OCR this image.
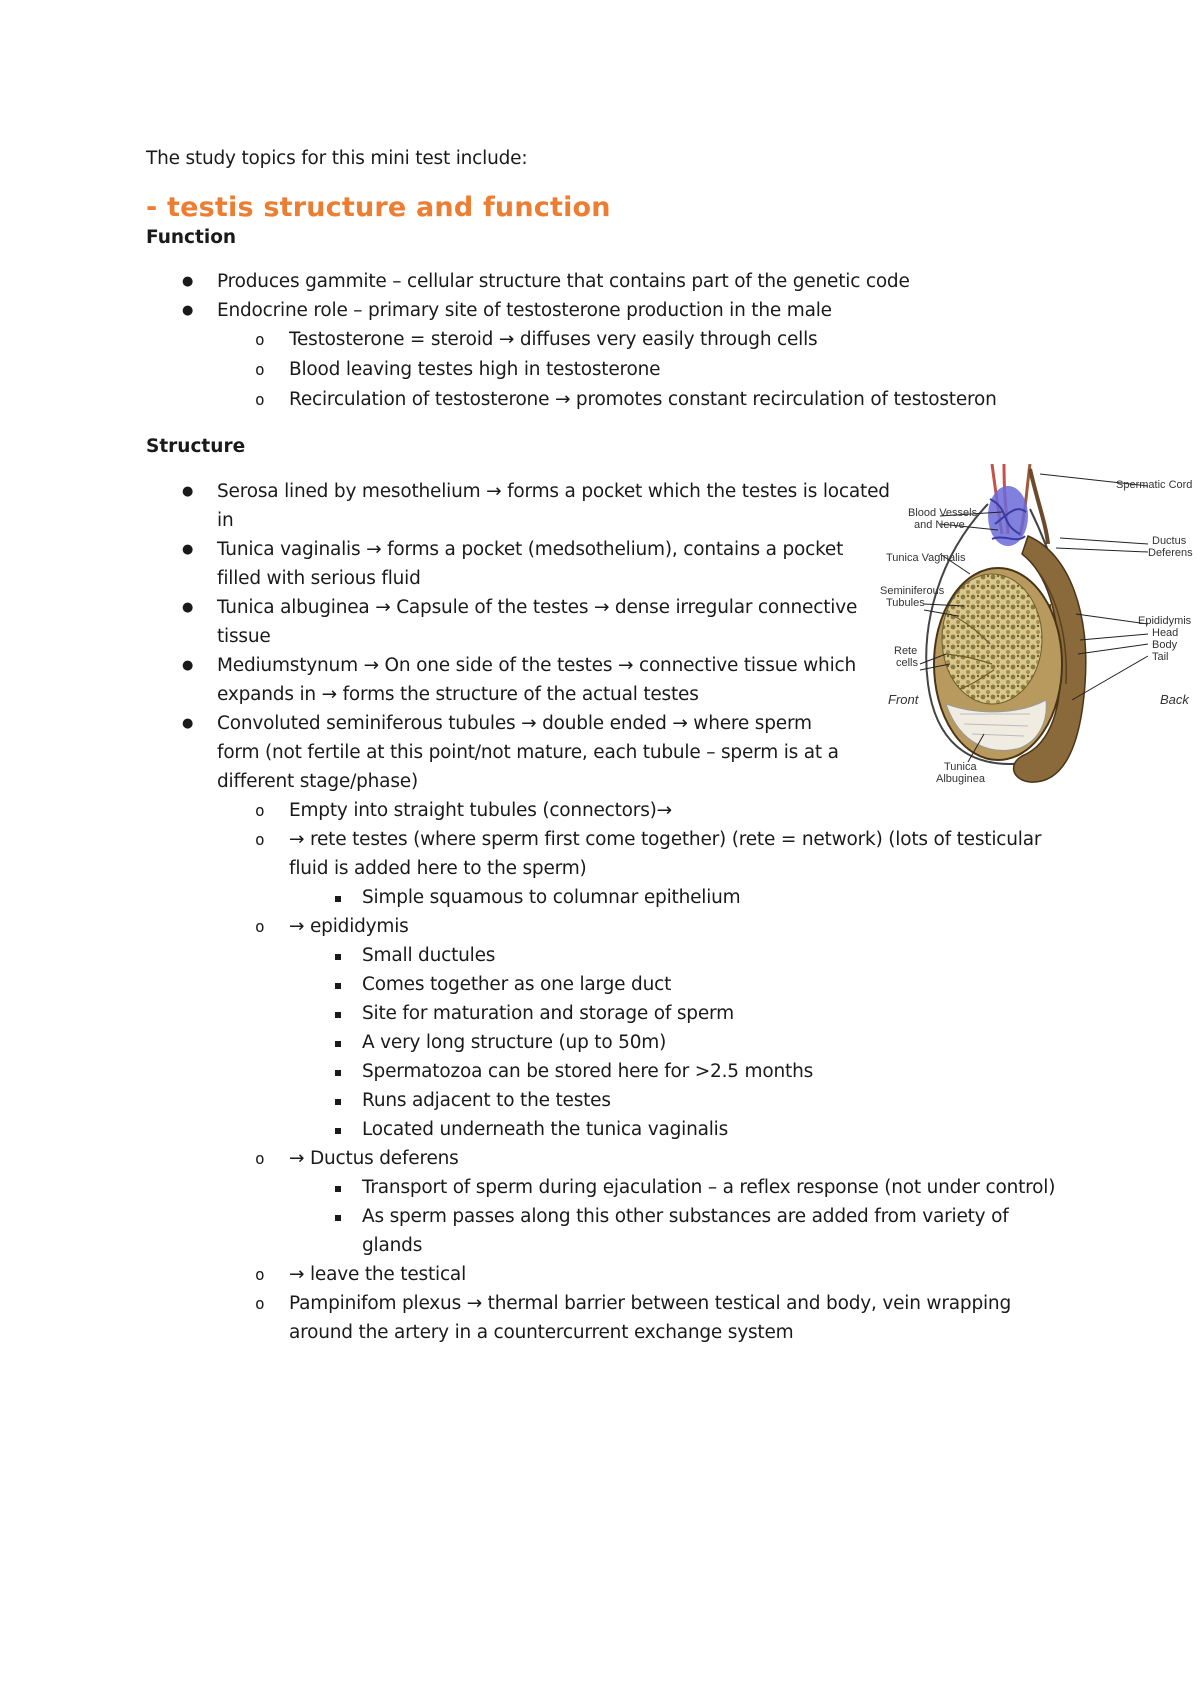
The study topics for this mini test include:
- testis structure and function
Function
● Produces gammite – cellular structure that contains part of the genetic code
● Endocrine role – primary site of testosterone production in the male
o Testosterone = steroid → diffuses very easily through cells
o Blood leaving testes high in testosterone
o Recirculation of testosterone → promotes constant recirculation of testosteron
Structure
● Serosa lined by mesothelium → forms a pocket which the testes is located
in
● Tunica vaginalis → forms a pocket (medsothelium), contains a pocket
filled with serious fluid
● Tunica albuginea → Capsule of the testes → dense irregular connective
tissue
● Mediumstynum → On one side of the testes → connective tissue which
expands in → forms the structure of the actual testes
● Convoluted seminiferous tubules → double ended → where sperm
form (not fertile at this point/not mature, each tubule – sperm is at a
different stage/phase)
o Empty into straight tubules (connectors)→
o → rete testes (where sperm first come together) (rete = network) (lots of testicular
fluid is added here to the sperm)
Simple squamous to columnar epithelium
o → epididymis
Small ductules
Comes together as one large duct
Site for maturation and storage of sperm
A very long structure (up to 50m)
Spermatozoa can be stored here for >2.5 months
Runs adjacent to the testes
Located underneath the tunica vaginalis
o → Ductus deferens
Transport of sperm during ejaculation – a reflex response (not under control)
As sperm passes along this other substances are added from variety of
glands
o → leave the testical
o Pampinifom plexus → thermal barrier between testical and body, vein wrapping
around the artery in a countercurrent exchange system
Spermatic Cord
Blood Vessels
and Nerve
Ductus
Deferens
Tunica Vaginalis
Seminiferous
Tubules
Epididymis
Head
Body
Tail
Rete
cells
Front	Back
Tunica
Albuginea
